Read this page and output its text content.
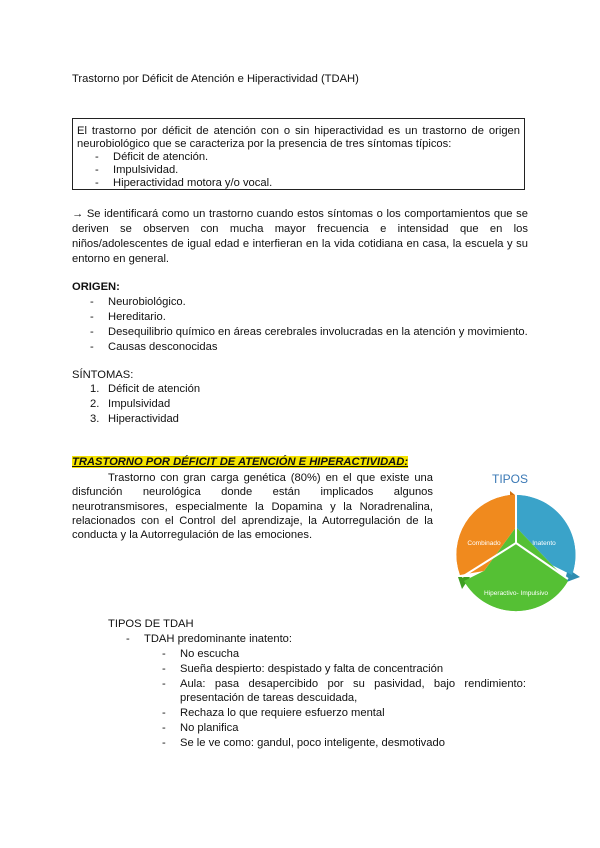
Trastorno por Déficit de Atención e Hiperactividad (TDAH)
El trastorno por déficit de atención con o sin hiperactividad es un trastorno de origen
neurobiológico que se caracteriza por la presencia de tres síntomas típicos:
- Déficit de atención.
- Impulsividad.
- Hiperactividad motora y/o vocal.
→ Se identificará como un trastorno cuando estos síntomas o los comportamientos que se
deriven se observen con mucha mayor frecuencia e intensidad que en los
niños/adolescentes de igual edad e interfieran en la vida cotidiana en casa, la escuela y su
entorno en general.
ORIGEN:
- Neurobiológico.
- Hereditario.
- Desequilibrio químico en áreas cerebrales involucradas en la atención y movimiento.
- Causas desconocidas
SÍNTOMAS:
1. Déficit de atención
2. Impulsividad
3. Hiperactividad
TRASTORNO POR DÉFICIT DE ATENCIÓN E HIPERACTIVIDAD:
Trastorno con gran carga genética (80%) en el que existe una
disfunción neurológica donde están implicados algunos
neurotransmisores, especialmente la Dopamina y la Noradrenalina,
relacionados con el Control del aprendizaje, la Autorregulación de la
conducta y la Autorregulación de las emociones.
TIPOS
Combinado	Inatento
Hiperactivo- Impulsivo
TIPOS DE TDAH
- TDAH predominante inatento:
- No escucha
- Sueña despierto: despistado y falta de concentración
- Aula: pasa desapercibido por su pasividad, bajo rendimiento:
presentación de tareas descuidada,
- Rechaza lo que requiere esfuerzo mental
- No planifica
- Se le ve como: gandul, poco inteligente, desmotivado
